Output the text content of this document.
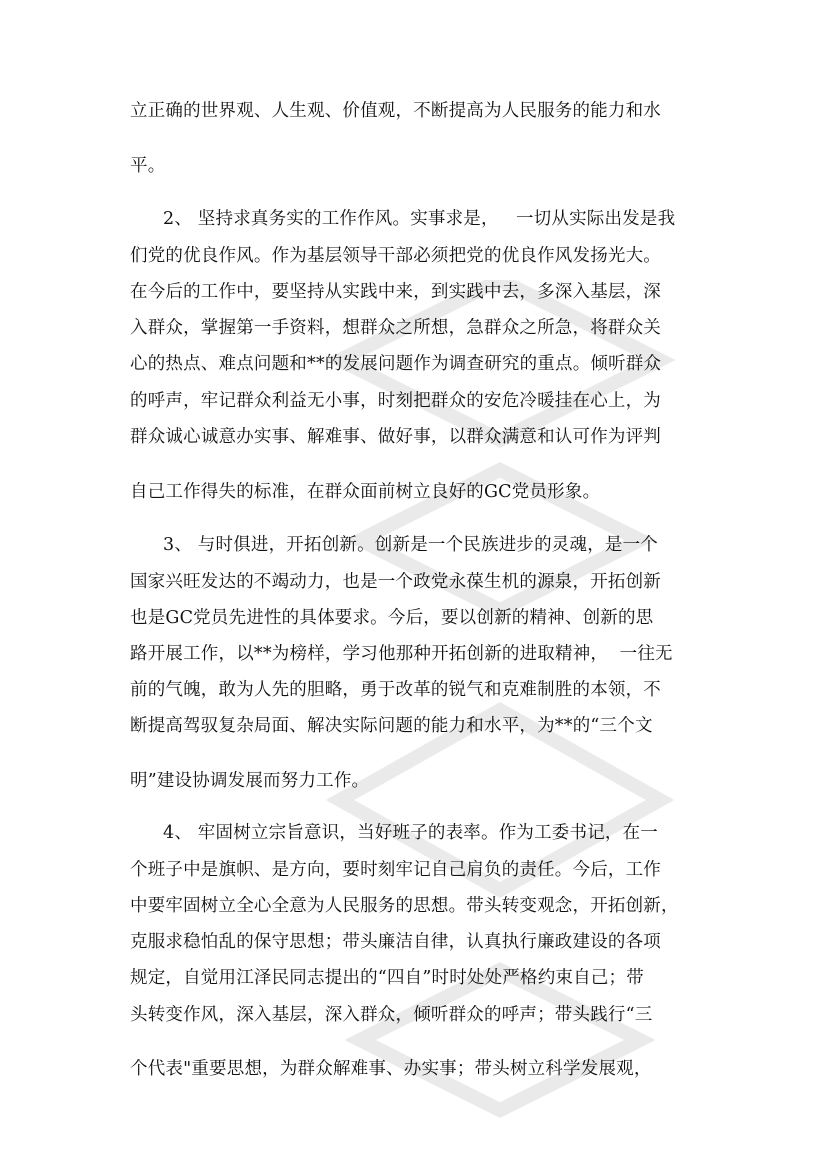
立正确的世界观、人生观、价值观，不断提高为人民服务的能力和水
平。
2、 坚持求真务实的工作作风。实事求是，   一切从实际出发是我
们党的优良作风。作为基层领导干部必须把党的优良作风发扬光大。
在今后的工作中，要坚持从实践中来，到实践中去，多深入基层，深
入群众，掌握第一手资料，想群众之所想，急群众之所急，将群众关
心的热点、难点问题和**的发展问题作为调查研究的重点。倾听群众
的呼声，牢记群众利益无小事，时刻把群众的安危冷暖挂在心上，为
群众诚心诚意办实事、解难事、做好事，以群众满意和认可作为评判
自己工作得失的标准，在群众面前树立良好的GC党员形象。
3、 与时俱进，开拓创新。创新是一个民族进步的灵魂，是一个
国家兴旺发达的不竭动力，也是一个政党永葆生机的源泉，开拓创新
也是GC党员先进性的具体要求。今后，要以创新的精神、创新的思
路开展工作，以**为榜样，学习他那种开拓创新的进取精神，  一往无
前的气魄，敢为人先的胆略，勇于改革的锐气和克难制胜的本领，不
断提高驾驭复杂局面、解决实际问题的能力和水平，为**的“三个文
明”建设协调发展而努力工作。
4、 牢固树立宗旨意识，当好班子的表率。作为工委书记，在一
个班子中是旗帜、是方向，要时刻牢记自己肩负的责任。今后，工作
中要牢固树立全心全意为人民服务的思想。带头转变观念，开拓创新，
克服求稳怕乱的保守思想；带头廉洁自律，认真执行廉政建设的各项
规定，自觉用江泽民同志提出的“四自”时时处处严格约束自己；带
头转变作风，深入基层，深入群众，倾听群众的呼声；带头践行“三
个代表"重要思想，为群众解难事、办实事；带头树立科学发展观，
